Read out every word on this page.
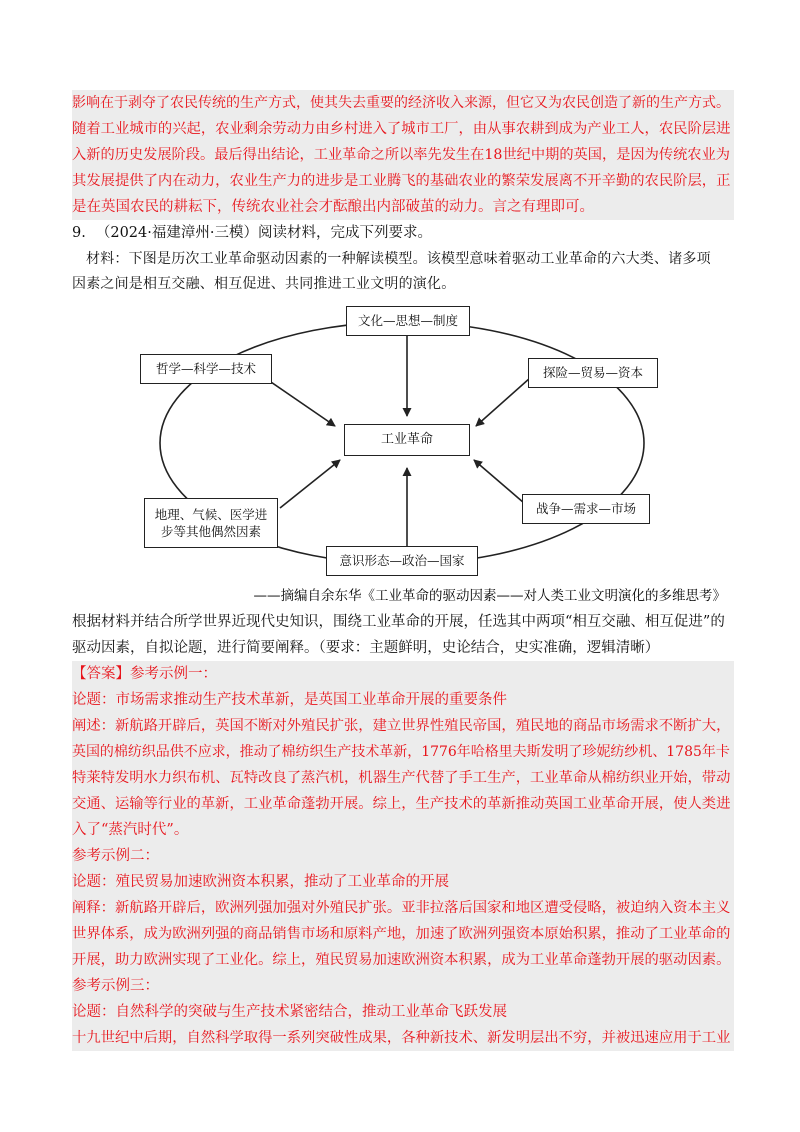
影响在于剥夺了农民传统的生产方式，使其失去重要的经济收入来源，但它又为农民创造了新的生产方式。
随着工业城市的兴起，农业剩余劳动力由乡村进入了城市工厂，由从事农耕到成为产业工人，农民阶层进
入新的历史发展阶段。最后得出结论，工业革命之所以率先发生在18世纪中期的英国，是因为传统农业为
其发展提供了内在动力，农业生产力的进步是工业腾飞的基础农业的繁荣发展离不开辛勤的农民阶层，正
是在英国农民的耕耘下，传统农业社会才酝酿出内部破茧的动力。言之有理即可。
9. （2024·福建漳州·三模）阅读材料，完成下列要求。
材料：下图是历次工业革命驱动因素的一种解读模型。该模型意味着驱动工业革命的六大类、诸多项
因素之间是相互交融、相互促进、共同推进工业文明的演化。
文化—思想—制度
哲学—科学—技术	探险—贸易—资本
工业革命
地理、气候、医学进
步等其他偶然因素
战争—需求—市场
意识形态—政治—国家
——摘编自余东华《工业革命的驱动因素——对人类工业文明演化的多维思考》
根据材料并结合所学世界近现代史知识，围绕工业革命的开展，任选其中两项“相互交融、相互促进”的
驱动因素，自拟论题，进行简要阐释。（要求：主题鲜明，史论结合，史实准确，逻辑清晰）
【答案】参考示例一：
论题：市场需求推动生产技术革新，是英国工业革命开展的重要条件
阐述：新航路开辟后，英国不断对外殖民扩张，建立世界性殖民帝国，殖民地的商品市场需求不断扩大，
英国的棉纺织品供不应求，推动了棉纺织生产技术革新，1776年哈格里夫斯发明了珍妮纺纱机、1785年卡
特莱特发明水力织布机、瓦特改良了蒸汽机，机器生产代替了手工生产，工业革命从棉纺织业开始，带动
交通、运输等行业的革新，工业革命蓬勃开展。综上，生产技术的革新推动英国工业革命开展，使人类进
入了“蒸汽时代”。
参考示例二：
论题：殖民贸易加速欧洲资本积累，推动了工业革命的开展
阐释：新航路开辟后，欧洲列强加强对外殖民扩张。亚非拉落后国家和地区遭受侵略，被迫纳入资本主义
世界体系，成为欧洲列强的商品销售市场和原料产地，加速了欧洲列强资本原始积累，推动了工业革命的
开展，助力欧洲实现了工业化。综上，殖民贸易加速欧洲资本积累，成为工业革命蓬勃开展的驱动因素。
参考示例三：
论题：自然科学的突破与生产技术紧密结合，推动工业革命飞跃发展
十九世纪中后期，自然科学取得一系列突破性成果，各种新技术、新发明层出不穷，并被迅速应用于工业
